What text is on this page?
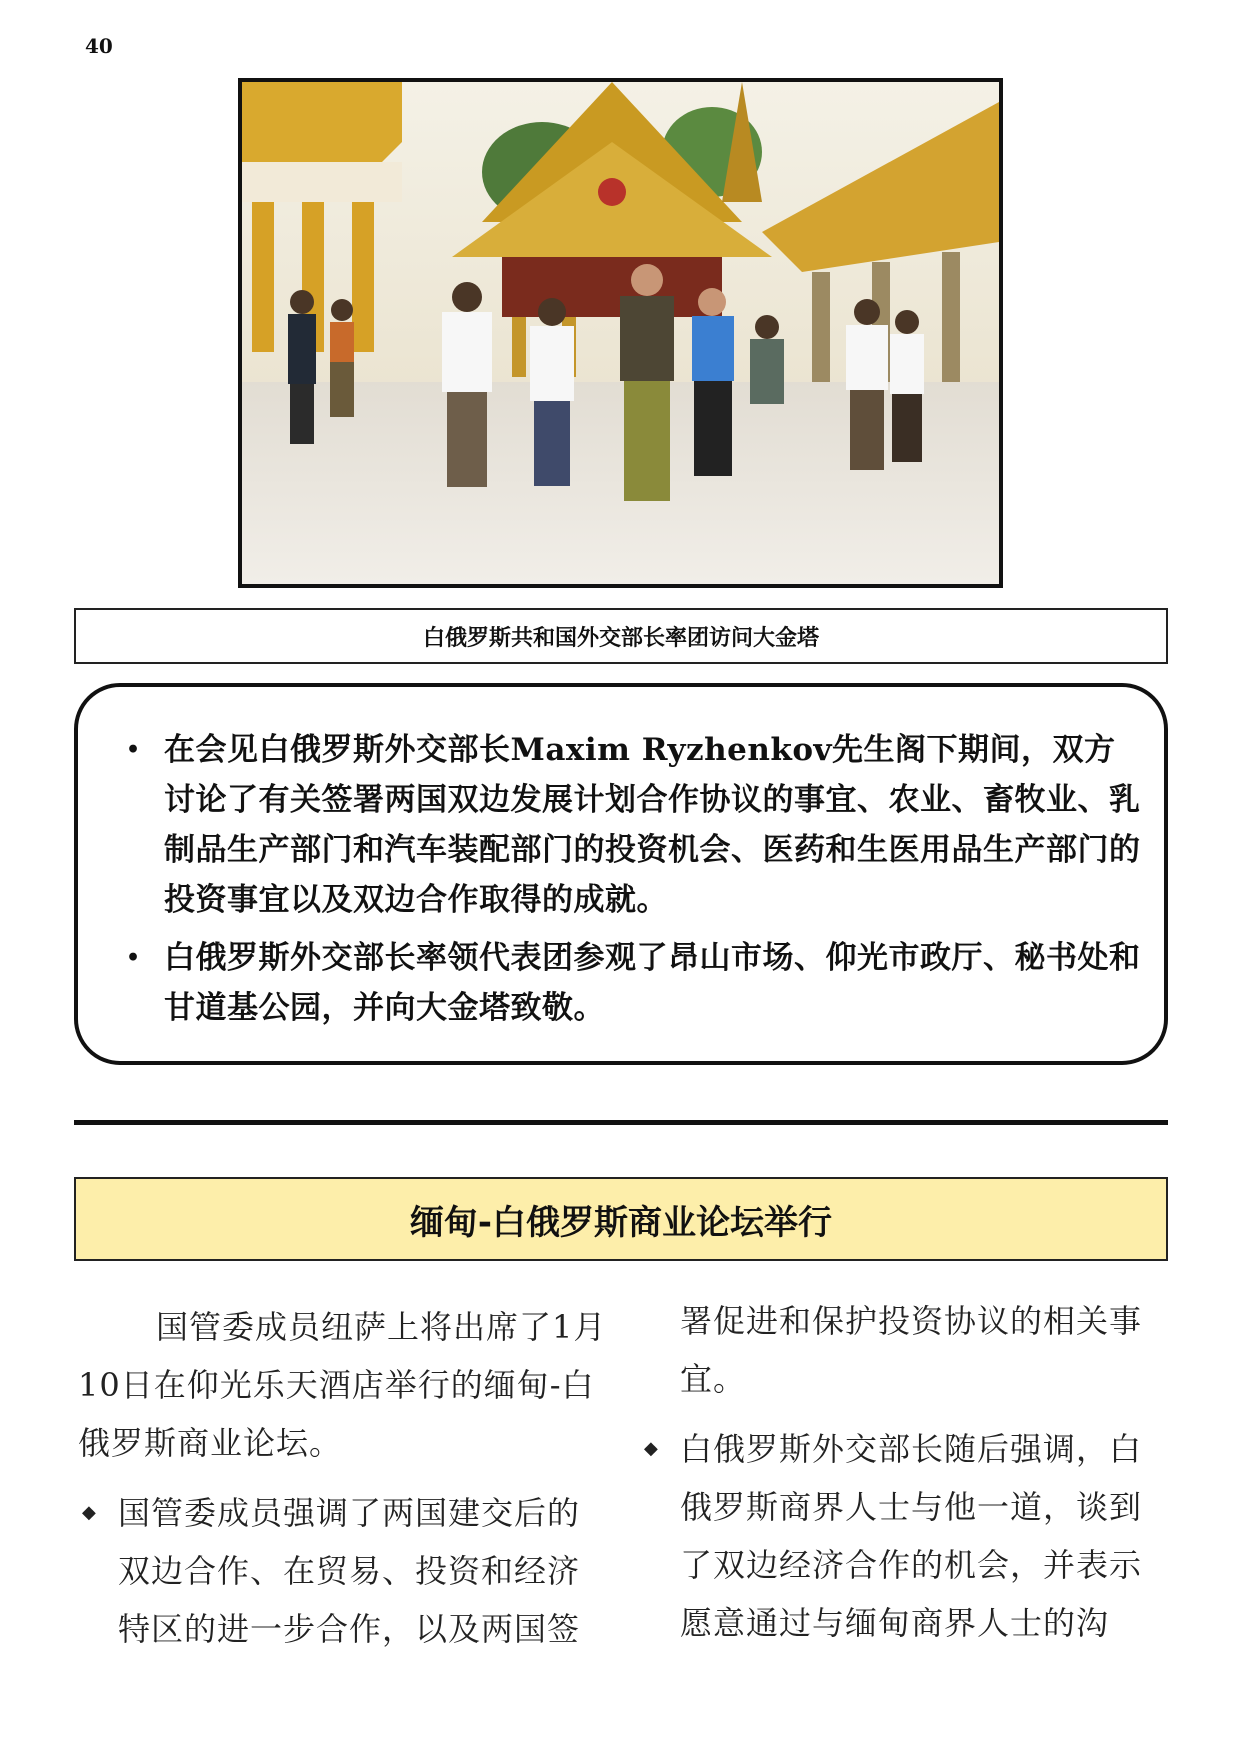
40
白俄罗斯共和国外交部长率团访问大金塔
• 在会见白俄罗斯外交部长Maxim Ryzhenkov先生阁下期间，双方讨论了有关签署两国双边发展计划合作协议的事宜、农业、畜牧业、乳制品生产部门和汽车装配部门的投资机会、医药和生医用品生产部门的投资事宜以及双边合作取得的成就。
• 白俄罗斯外交部长率领代表团参观了昂山市场、仰光市政厅、秘书处和甘道基公园，并向大金塔致敬。
缅甸-白俄罗斯商业论坛举行

国管委成员纽萨上将出席了1月10日在仰光乐天酒店举行的缅甸-白俄罗斯商业论坛。

◆ 国管委成员强调了两国建交后的双边合作、在贸易、投资和经济特区的进一步合作，以及两国签

署促进和保护投资协议的相关事宜。

◆ 白俄罗斯外交部长随后强调，白俄罗斯商界人士与他一道，谈到了双边经济合作的机会，并表示愿意通过与缅甸商界人士的沟
